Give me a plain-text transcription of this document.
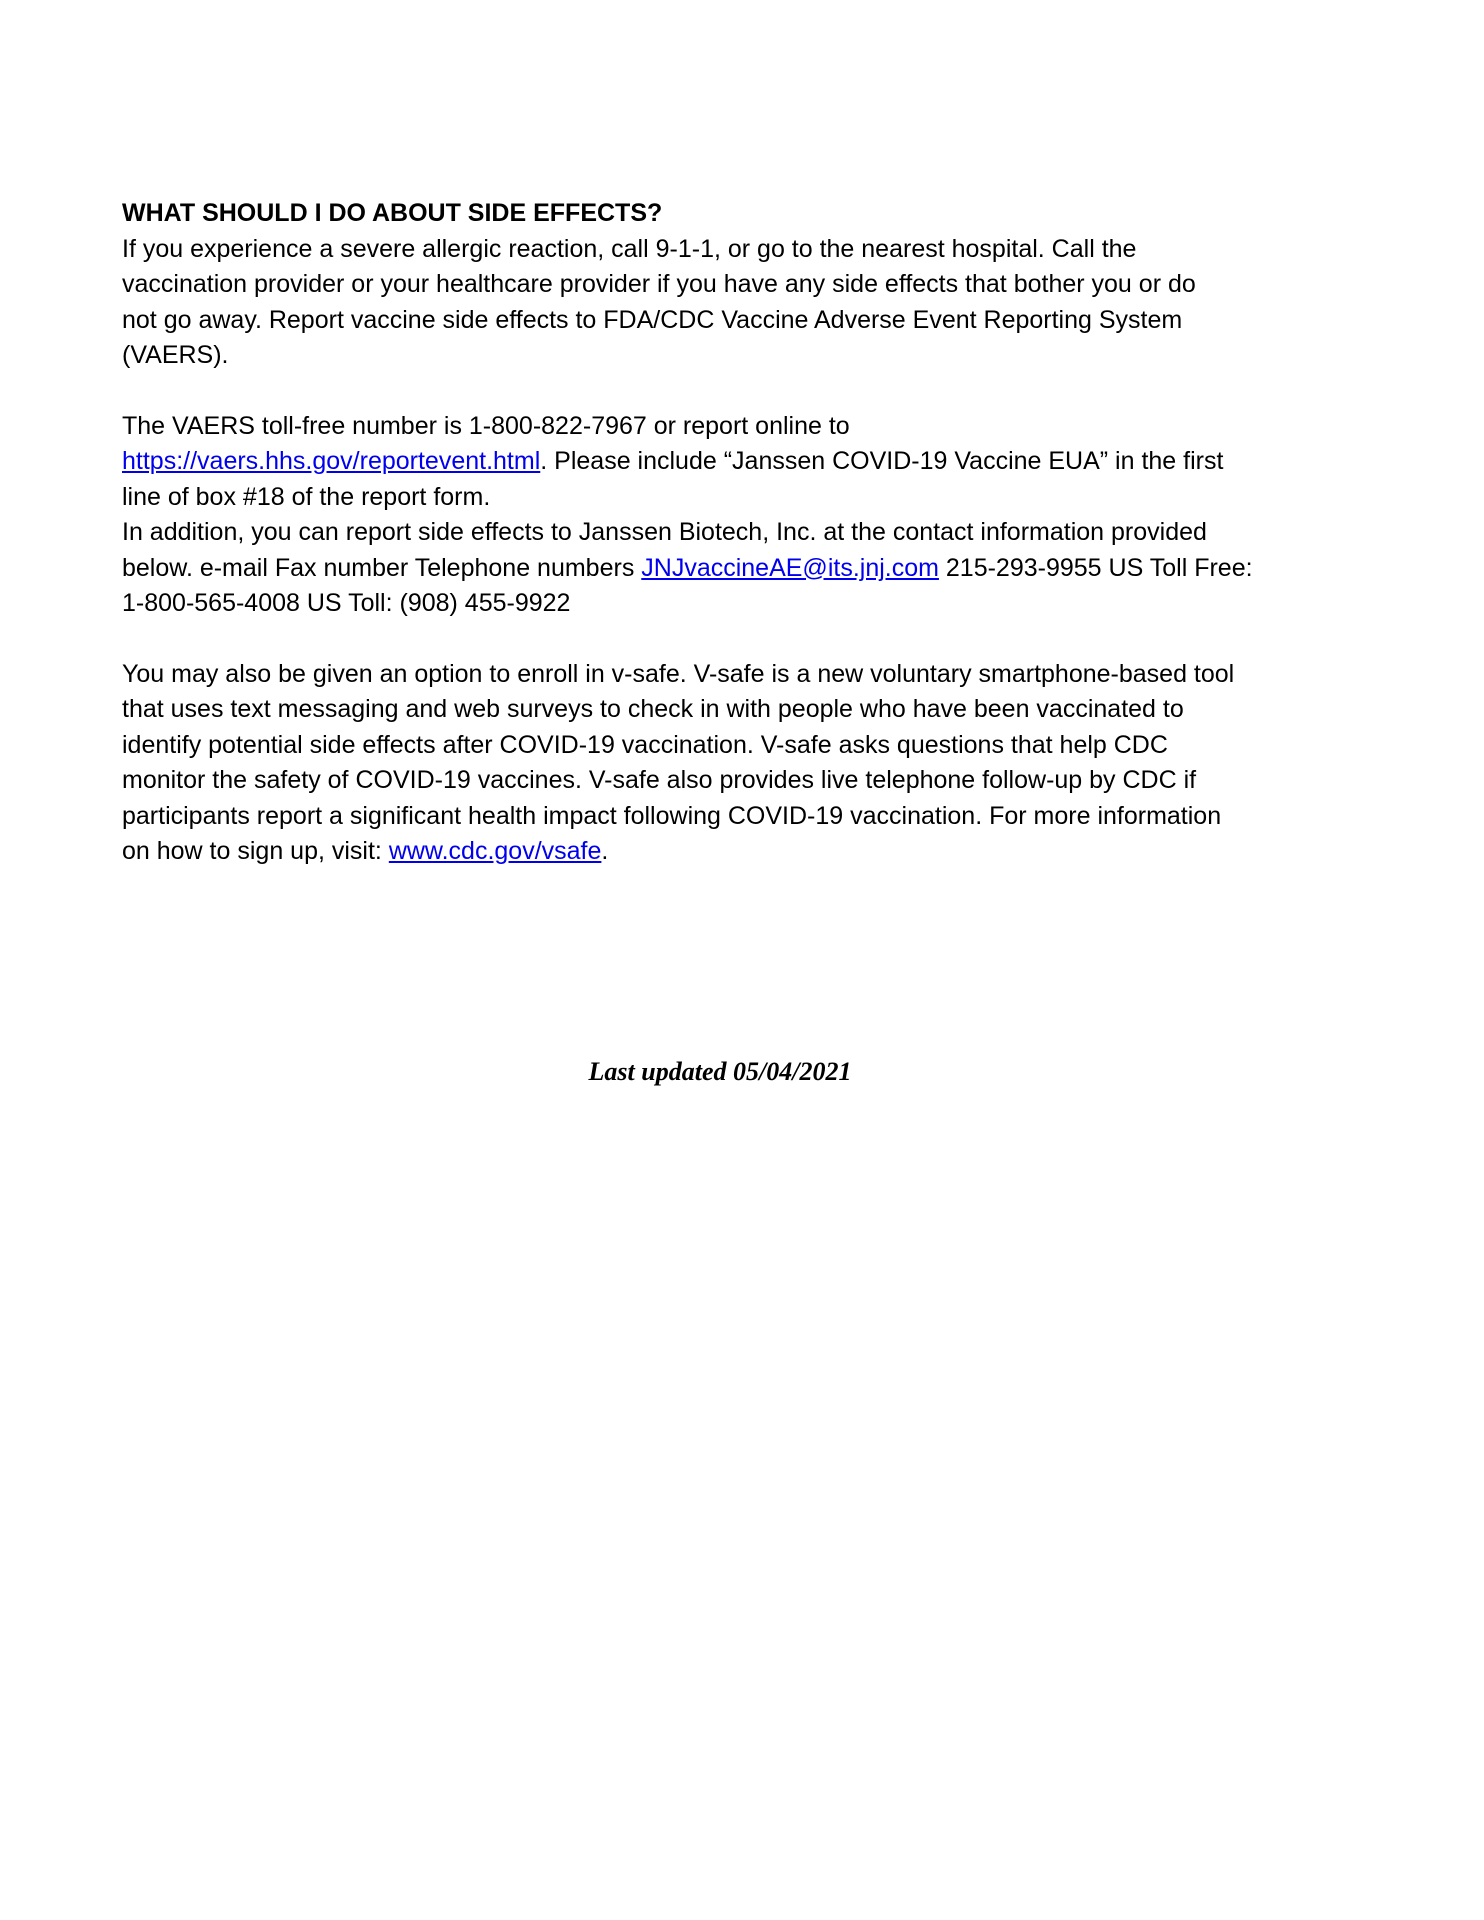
WHAT SHOULD I DO ABOUT SIDE EFFECTS?

If you experience a severe allergic reaction, call 9-1-1, or go to the nearest hospital. Call the
vaccination provider or your healthcare provider if you have any side effects that bother you or do
not go away. Report vaccine side effects to FDA/CDC Vaccine Adverse Event Reporting System
(VAERS).

The VAERS toll-free number is 1-800-822-7967 or report online to
https://vaers.hhs.gov/reportevent.html. Please include “Janssen COVID-19 Vaccine EUA” in the first
line of box #18 of the report form.
In addition, you can report side effects to Janssen Biotech, Inc. at the contact information provided
below. e-mail Fax number Telephone numbers JNJvaccineAE@its.jnj.com 215-293-9955 US Toll Free:
1-800-565-4008 US Toll: (908) 455-9922

You may also be given an option to enroll in v-safe. V-safe is a new voluntary smartphone-based tool
that uses text messaging and web surveys to check in with people who have been vaccinated to
identify potential side effects after COVID-19 vaccination. V-safe asks questions that help CDC
monitor the safety of COVID-19 vaccines. V-safe also provides live telephone follow-up by CDC if
participants report a significant health impact following COVID-19 vaccination. For more information
on how to sign up, visit: www.cdc.gov/vsafe.

Last updated 05/04/2021
